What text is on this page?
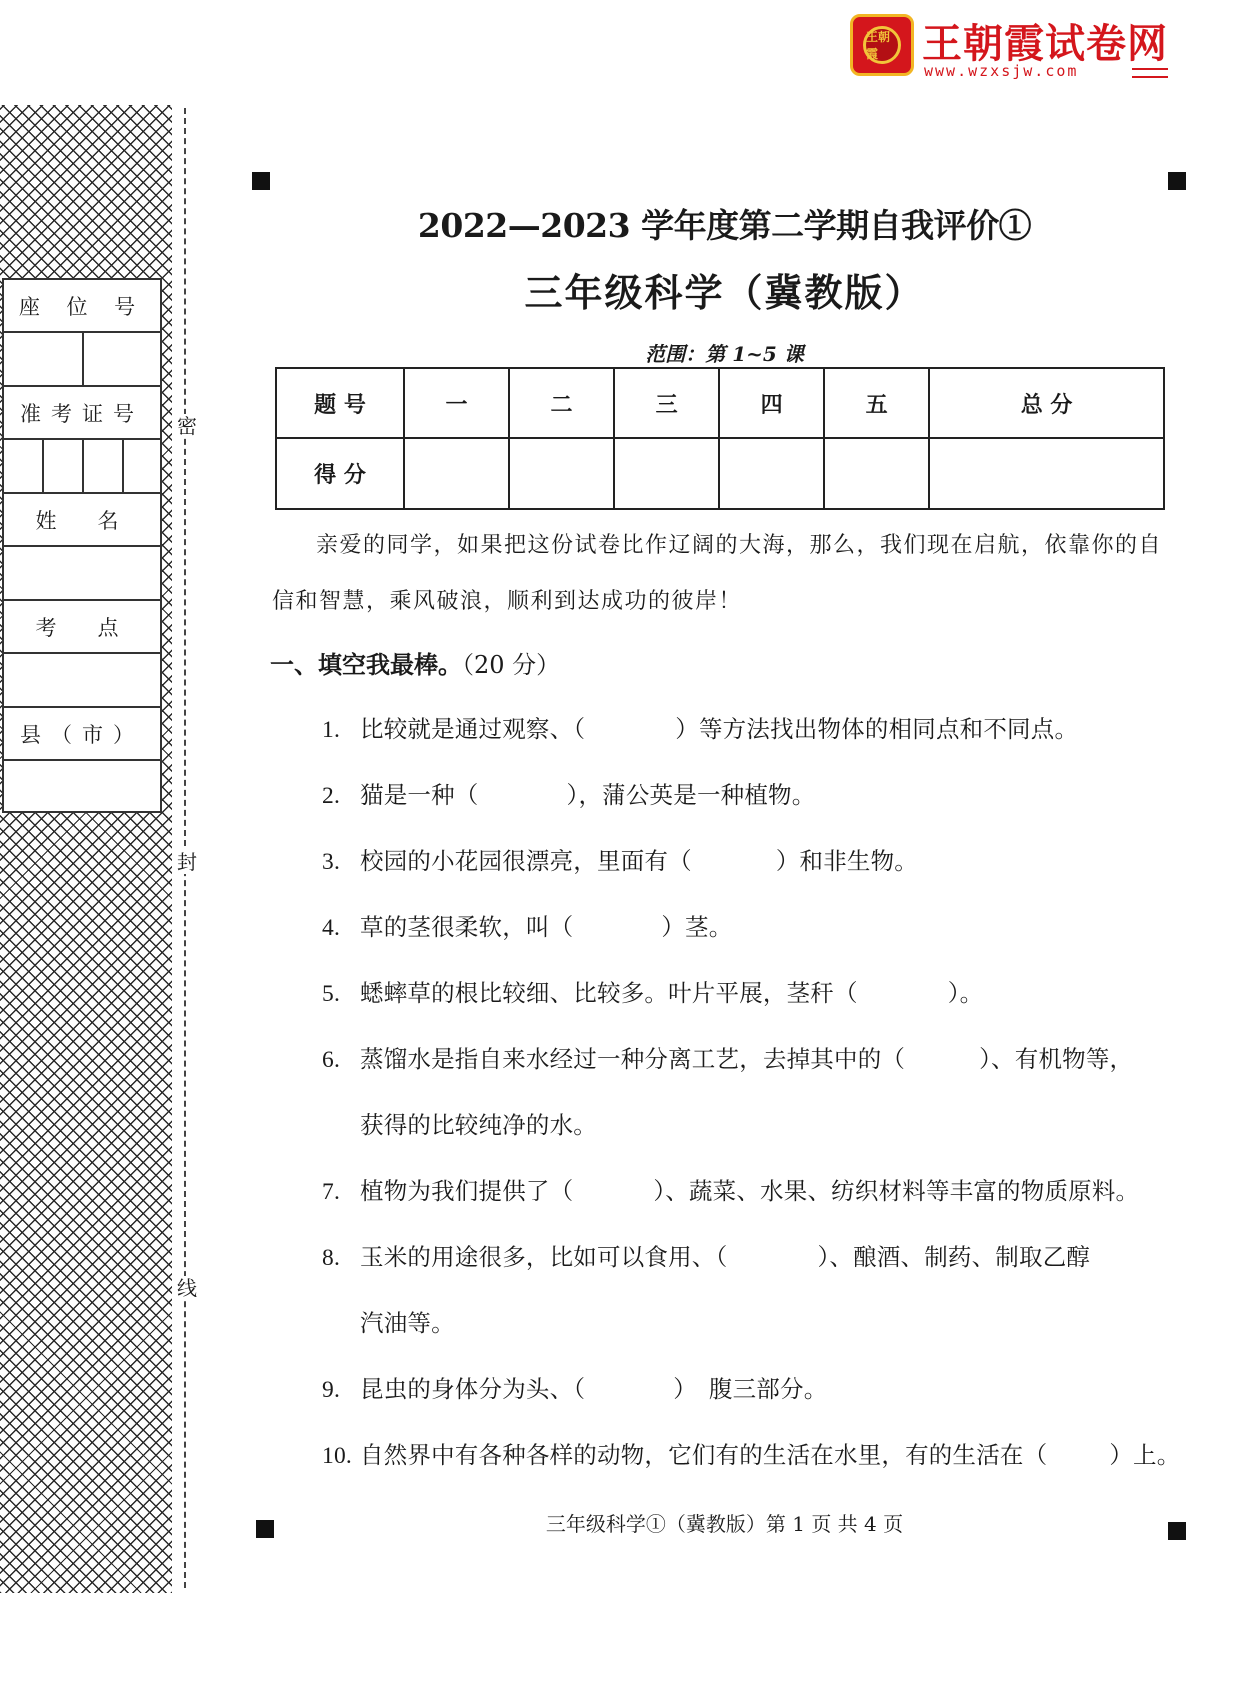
王朝霞	王朝霞试卷网
www.wzxsjw.com
座 位 号
准考证号
姓　名
考　点
县（市）
密
封
线
2022—2023 学年度第二学期自我评价①
三年级科学（冀教版）
范围：第 1~5 课
题 号	一	二	三	四	五	总 分
得 分						
亲爱的同学，如果把这份试卷比作辽阔的大海，那么，我们现在启航，依靠你的自信和智慧，乘风破浪，顺利到达成功的彼岸！
一、填空我最棒。（20 分）
1. 比较就是通过观察、（	）等方法找出物体的相同点和不同点。
2. 猫是一种（	），蒲公英是一种植物。
3. 校园的小花园很漂亮，里面有（	）和非生物。
4. 草的茎很柔软，叫（	）茎。
5. 蟋蟀草的根比较细、比较多。叶片平展，茎秆（	）。
6. 蒸馏水是指自来水经过一种分离工艺，去掉其中的（	）、有机物等，
获得的比较纯净的水。
7. 植物为我们提供了（	）、蔬菜、水果、纺织材料等丰富的物质原料。
8. 玉米的用途很多，比如可以食用、（	）、酿酒、制药、制取乙醇
汽油等。
9. 昆虫的身体分为头、（	）　腹三部分。
10. 自然界中有各种各样的动物，它们有的生活在水里，有的生活在（	）上。
三年级科学①（冀教版）第 1 页 共 4 页
